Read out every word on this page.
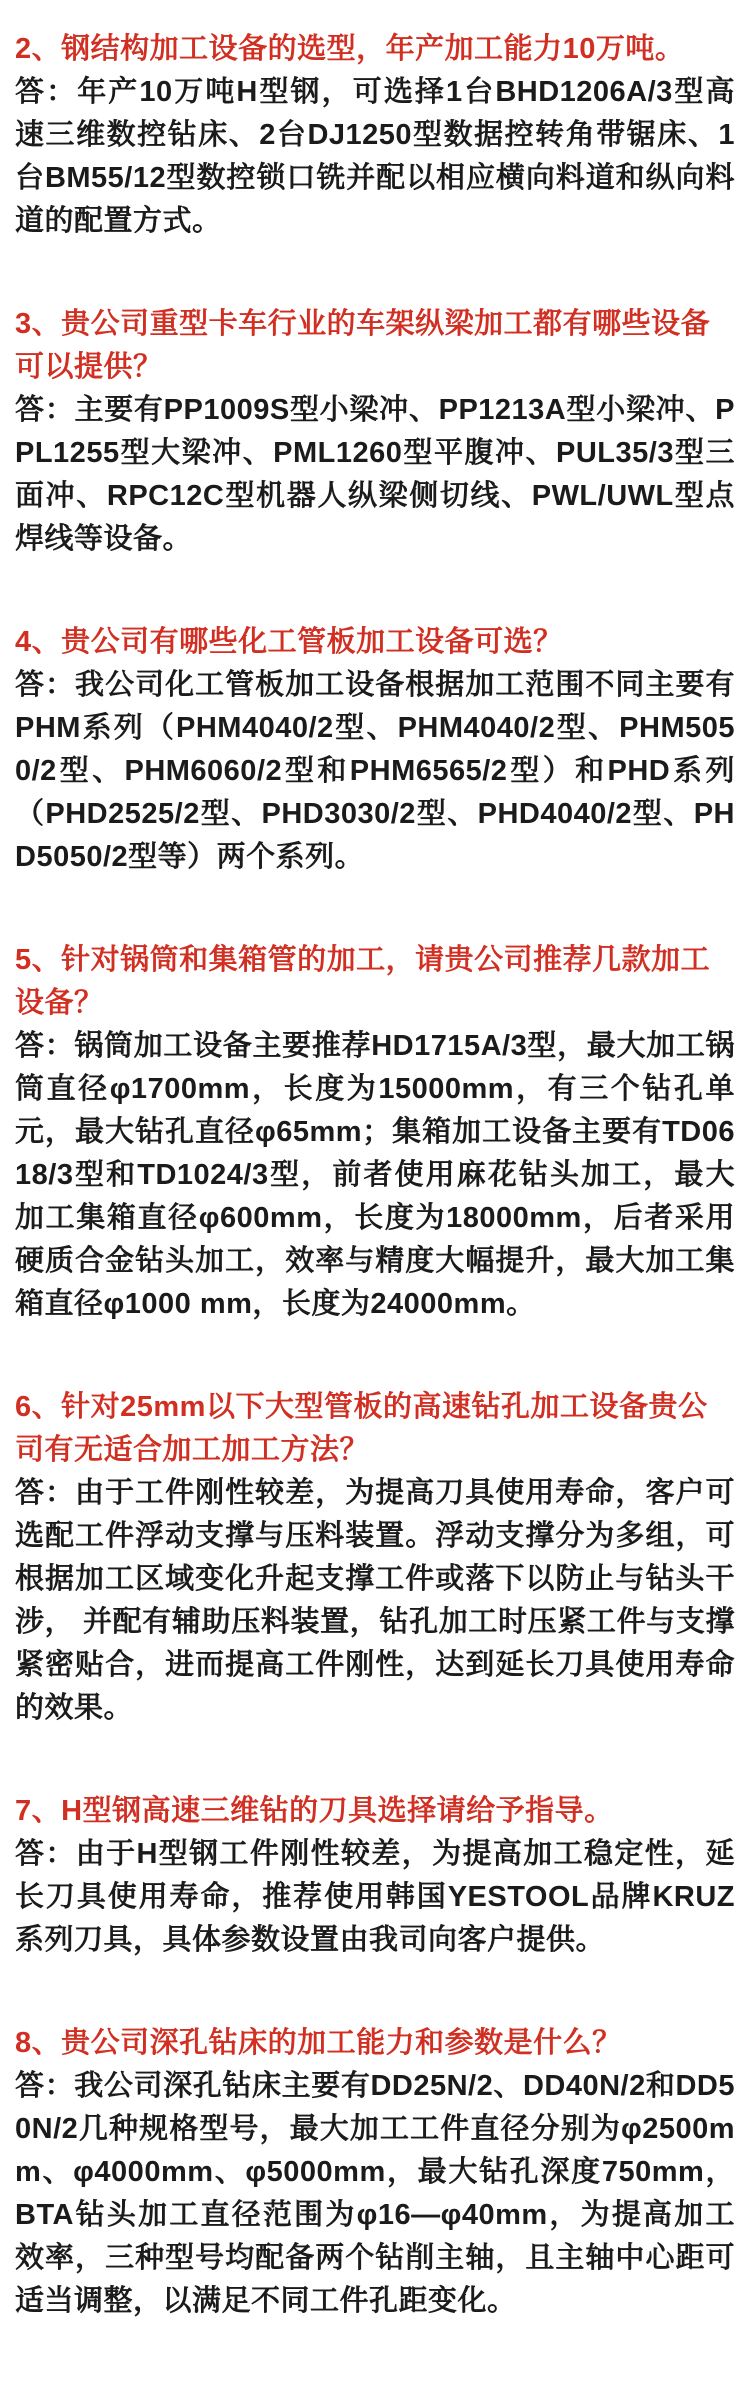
2、钢结构加工设备的选型，年产加工能力10万吨。

答：年产10万吨H型钢，可选择1台BHD1206A/3型高速三维数控钻床、2台DJ1250型数据控转角带锯床、1台BM55/12型数控锁口铣并配以相应横向料道和纵向料道的配置方式。

3、贵公司重型卡车行业的车架纵梁加工都有哪些设备可以提供？

答：主要有PP1009S型小梁冲、PP1213A型小梁冲、PPL1255型大梁冲、PML1260型平腹冲、PUL35/3型三面冲、RPC12C型机器人纵梁侧切线、PWL/UWL型点焊线等设备。

4、贵公司有哪些化工管板加工设备可选？

答：我公司化工管板加工设备根据加工范围不同主要有PHM系列（PHM4040/2型、PHM4040/2型、PHM5050/2型、PHM6060/2型和PHM6565/2型）和PHD系列（PHD2525/2型、PHD3030/2型、PHD4040/2型、PHD5050/2型等）两个系列。

5、针对锅筒和集箱管的加工，请贵公司推荐几款加工设备？

答：锅筒加工设备主要推荐HD1715A/3型，最大加工锅筒直径φ1700mm，长度为15000mm，有三个钻孔单元，最大钻孔直径φ65mm；集箱加工设备主要有TD0618/3型和TD1024/3型，前者使用麻花钻头加工，最大加工集箱直径φ600mm，长度为18000mm，后者采用硬质合金钻头加工，效率与精度大幅提升，最大加工集箱直径φ1000 mm，长度为24000mm。

6、针对25mm以下大型管板的高速钻孔加工设备贵公司有无适合加工加工方法？

答：由于工件刚性较差，为提高刀具使用寿命，客户可选配工件浮动支撑与压料装置。浮动支撑分为多组，可根据加工区域变化升起支撑工件或落下以防止与钻头干涉， 并配有辅助压料装置，钻孔加工时压紧工件与支撑紧密贴合，进而提高工件刚性，达到延长刀具使用寿命的效果。

7、H型钢高速三维钻的刀具选择请给予指导。

答：由于H型钢工件刚性较差，为提高加工稳定性，延长刀具使用寿命，推荐使用韩国YESTOOL品牌KRUZ系列刀具，具体参数设置由我司向客户提供。

8、贵公司深孔钻床的加工能力和参数是什么？

答：我公司深孔钻床主要有DD25N/2、DD40N/2和DD50N/2几种规格型号，最大加工工件直径分别为φ2500mm、φ4000mm、φ5000mm，最大钻孔深度750mm，BTA钻头加工直径范围为φ16—φ40mm，为提高加工效率，三种型号均配备两个钻削主轴，且主轴中心距可适当调整，以满足不同工件孔距变化。
